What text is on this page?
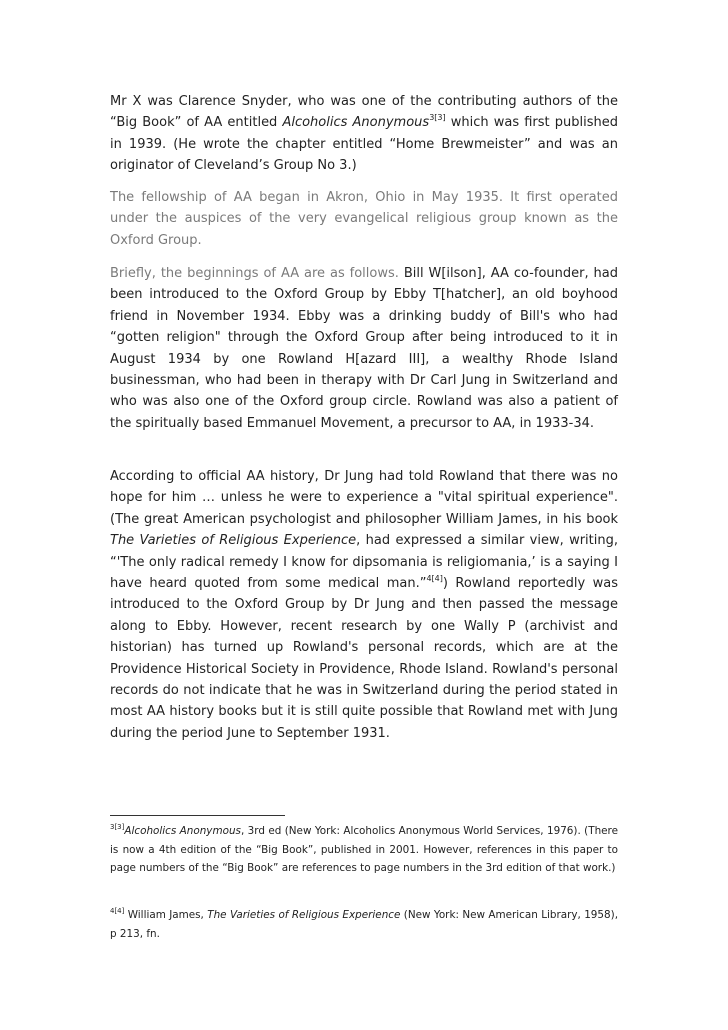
Mr X was Clarence Snyder, who was one of the contributing authors of the “Big Book” of AA entitled Alcoholics Anonymous$^{3[3]}$ which was first published in 1939. (He wrote the chapter entitled “Home Brewmeister” and was an originator of Cleveland’s Group No 3.)

The fellowship of AA began in Akron, Ohio in May 1935. It first operated under the auspices of the very evangelical religious group known as the Oxford Group.

Briefly, the beginnings of AA are as follows. Bill W[ilson], AA co-founder, had been introduced to the Oxford Group by Ebby T[hatcher], an old boyhood friend in November 1934. Ebby was a drinking buddy of Bill's who had “gotten religion" through the Oxford Group after being introduced to it in August 1934 by one Rowland H[azard III], a wealthy Rhode Island businessman, who had been in therapy with Dr Carl Jung in Switzerland and who was also one of the Oxford group circle. Rowland was also a patient of the spiritually based Emmanuel Movement, a precursor to AA, in 1933-34.

According to official AA history, Dr Jung had told Rowland that there was no hope for him … unless he were to experience a "vital spiritual experience". (The great American psychologist and philosopher William James, in his book The Varieties of Religious Experience, had expressed a similar view, writing, “'The only radical remedy I know for dipsomania is religiomania,’ is a saying I have heard quoted from some medical man.”$^{4[4]}$) Rowland reportedly was introduced to the Oxford Group by Dr Jung and then passed the message along to Ebby. However, recent research by one Wally P (archivist and historian) has turned up Rowland's personal records, which are at the Providence Historical Society in Providence, Rhode Island. Rowland's personal records do not indicate that he was in Switzerland during the period stated in most AA history books but it is still quite possible that Rowland met with Jung during the period June to September 1931.

$^{3[3]}$Alcoholics Anonymous, 3rd ed (New York: Alcoholics Anonymous World Services, 1976). (There is now a 4th edition of the “Big Book”, published in 2001. However, references in this paper to page numbers of the “Big Book” are references to page numbers in the 3rd edition of that work.)

$^{4[4]}$ William James, The Varieties of Religious Experience (New York: New American Library, 1958), p 213, fn.
